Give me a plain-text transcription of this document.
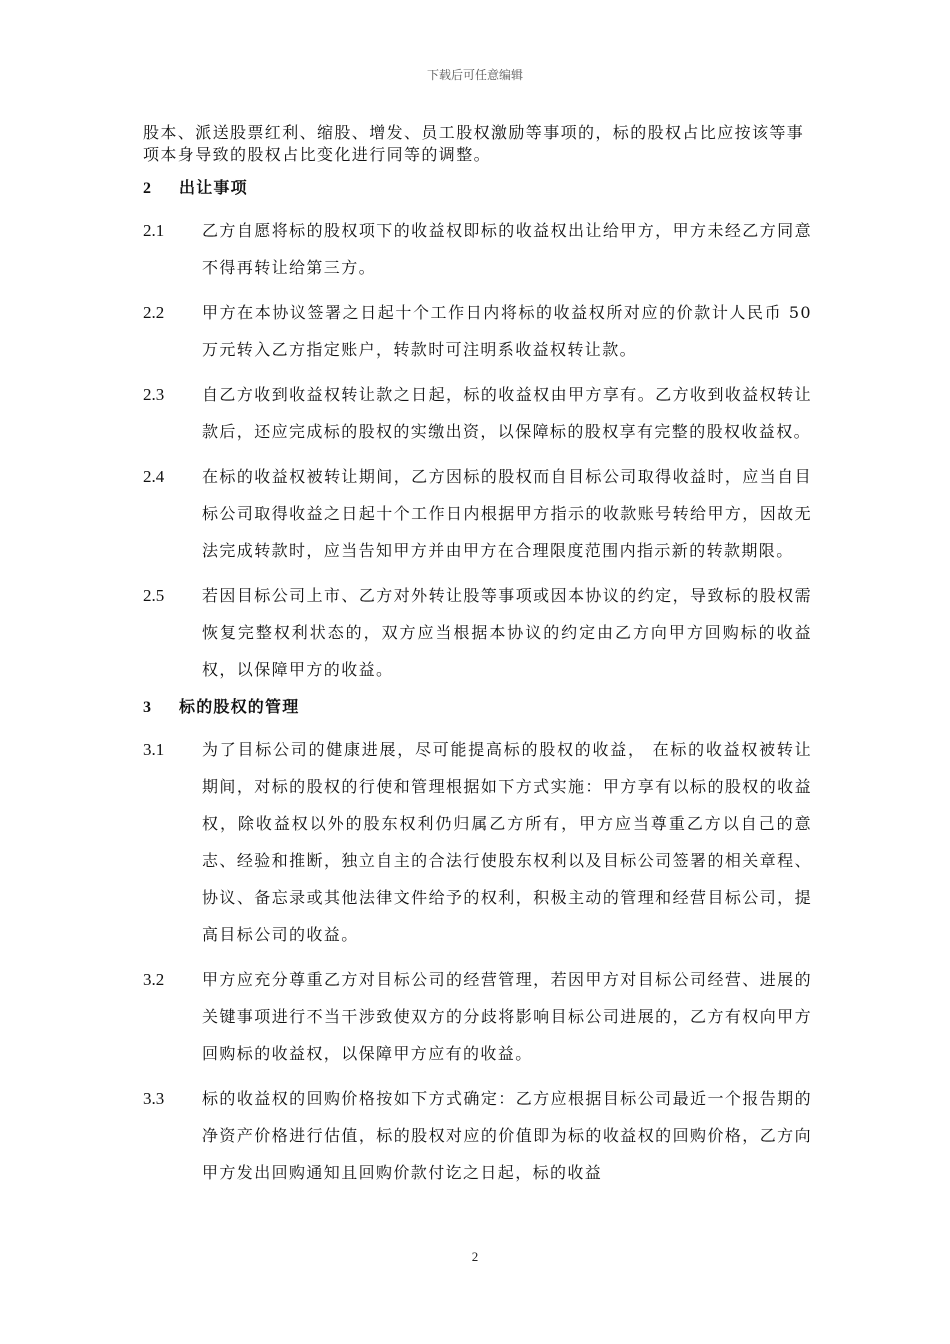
下载后可任意编辑
股本、派送股票红利、缩股、增发、员工股权激励等事项的，标的股权占比应按该等事项本身导致的股权占比变化进行同等的调整。
2 出让事项
2.1 乙方自愿将标的股权项下的收益权即标的收益权出让给甲方，甲方未经乙方同意不得再转让给第三方。
2.2 甲方在本协议签署之日起十个工作日内将标的收益权所对应的价款计人民币 50 万元转入乙方指定账户，转款时可注明系收益权转让款。
2.3 自乙方收到收益权转让款之日起，标的收益权由甲方享有。乙方收到收益权转让款后，还应完成标的股权的实缴出资，以保障标的股权享有完整的股权收益权。
2.4 在标的收益权被转让期间，乙方因标的股权而自目标公司取得收益时，应当自目标公司取得收益之日起十个工作日内根据甲方指示的收款账号转给甲方，因故无法完成转款时，应当告知甲方并由甲方在合理限度范围内指示新的转款期限。
2.5 若因目标公司上市、乙方对外转让股等事项或因本协议的约定，导致标的股权需恢复完整权利状态的，双方应当根据本协议的约定由乙方向甲方回购标的收益权，以保障甲方的收益。
3 标的股权的管理
3.1 为了目标公司的健康进展，尽可能提高标的股权的收益， 在标的收益权被转让期间，对标的股权的行使和管理根据如下方式实施：甲方享有以标的股权的收益权，除收益权以外的股东权利仍归属乙方所有，甲方应当尊重乙方以自己的意志、经验和推断，独立自主的合法行使股东权利以及目标公司签署的相关章程、协议、备忘录或其他法律文件给予的权利，积极主动的管理和经营目标公司，提高目标公司的收益。
3.2 甲方应充分尊重乙方对目标公司的经营管理，若因甲方对目标公司经营、进展的关键事项进行不当干涉致使双方的分歧将影响目标公司进展的，乙方有权向甲方回购标的收益权，以保障甲方应有的收益。
3.3 标的收益权的回购价格按如下方式确定：乙方应根据目标公司最近一个报告期的净资产价格进行估值，标的股权对应的价值即为标的收益权的回购价格，乙方向甲方发出回购通知且回购价款付讫之日起，标的收益
2
